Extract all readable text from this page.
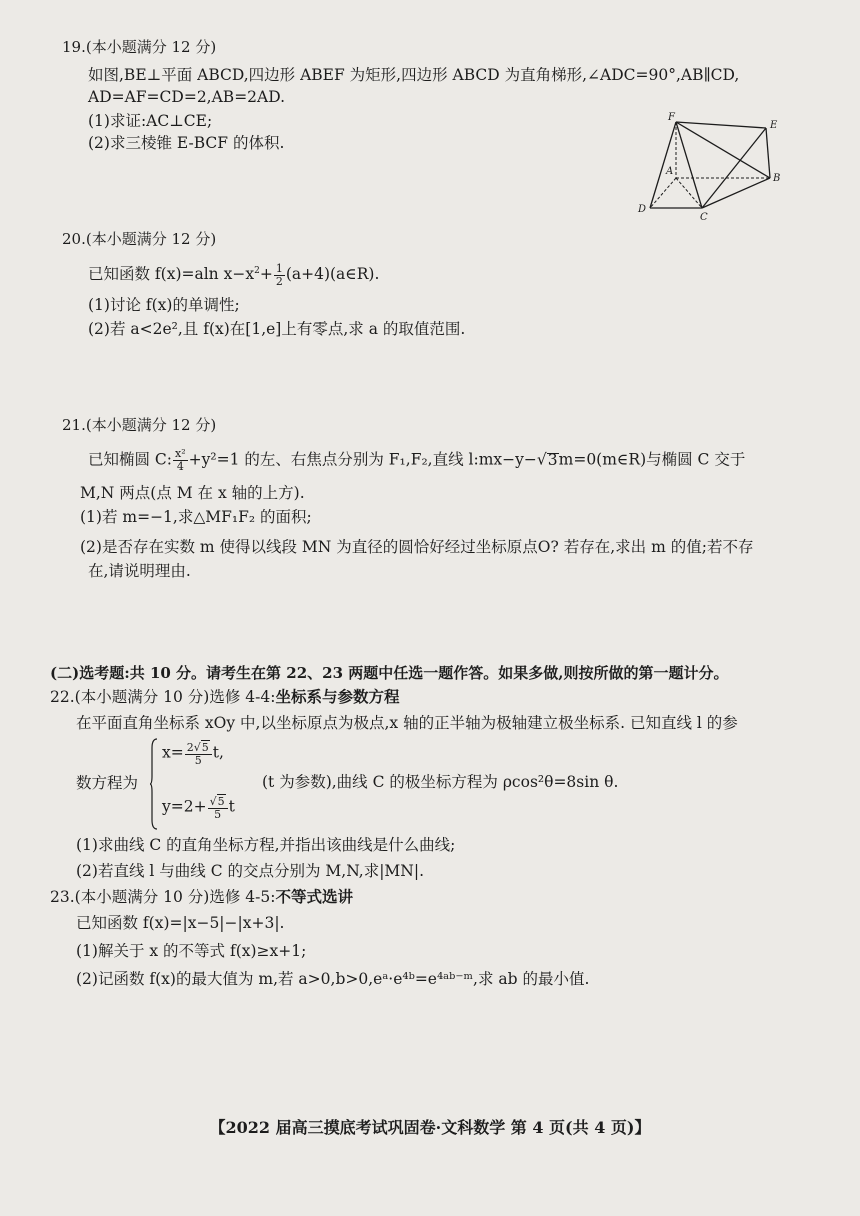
19.(本小题满分 12 分)
如图,BE⊥平面 ABCD,四边形 ABEF 为矩形,四边形 ABCD 为直角梯形,∠ADC=90°,AB∥CD,
AD=AF=CD=2,AB=2AD.
(1)求证:AC⊥CE;
(2)求三棱锥 E-BCF 的体积.
F
E
A
B
D
C
20.(本小题满分 12 分)
已知函数 f(x)=aln $x-x^2+ \frac{1}{2}$ (a+4)(a∈R).
(1)讨论 f(x)的单调性;
(2)若 a<2e²,且 f(x)在[1,e]上有零点,求 a 的取值范围.
21.(本小题满分 12 分)
已知椭圆 C: $\frac{\text{x²}}{4} +y^2=1$ 的左、右焦点分别为 F₁,F₂,直线 l:mx−y−√3m=0(m∈R)与椭圆 C 交于
M,N 两点(点 M 在 x 轴的上方).
(1)若 m=−1,求△MF₁F₂ 的面积;
(2)是否存在实数 m 使得以线段 MN 为直径的圆恰好经过坐标原点O? 若存在,求出 m 的值;若不存
在,请说明理由.
(二)选考题:共 10 分。请考生在第 22、23 两题中任选一题作答。如果多做,则按所做的第一题计分。
22.(本小题满分 10 分)选修 4-4:坐标系与参数方程
在平面直角坐标系 xOy 中,以坐标原点为极点,x 轴的正半轴为极轴建立极坐标系. 已知直线 l 的参
数方程为
$x= \frac{2√5}{5} t$,
$y=2+ \frac{√5}{5}$ t
(t 为参数),曲线 C 的极坐标方程为 ρcos²θ=8sin θ.
(1)求曲线 C 的直角坐标方程,并指出该曲线是什么曲线;
(2)若直线 l 与曲线 C 的交点分别为 M,N,求|MN|.
23.(本小题满分 10 分)选修 4-5:不等式选讲
已知函数 f(x)=|x−5|−|x+3|.
(1)解关于 x 的不等式 f(x)≥x+1;
(2)记函数 f(x)的最大值为 m,若 a>0,b>0,eᵃ·e⁴ᵇ=e⁴ᵃᵇ⁻ᵐ,求 ab 的最小值.
【2022 届高三摸底考试巩固卷·文科数学 第 4 页(共 4 页)】
